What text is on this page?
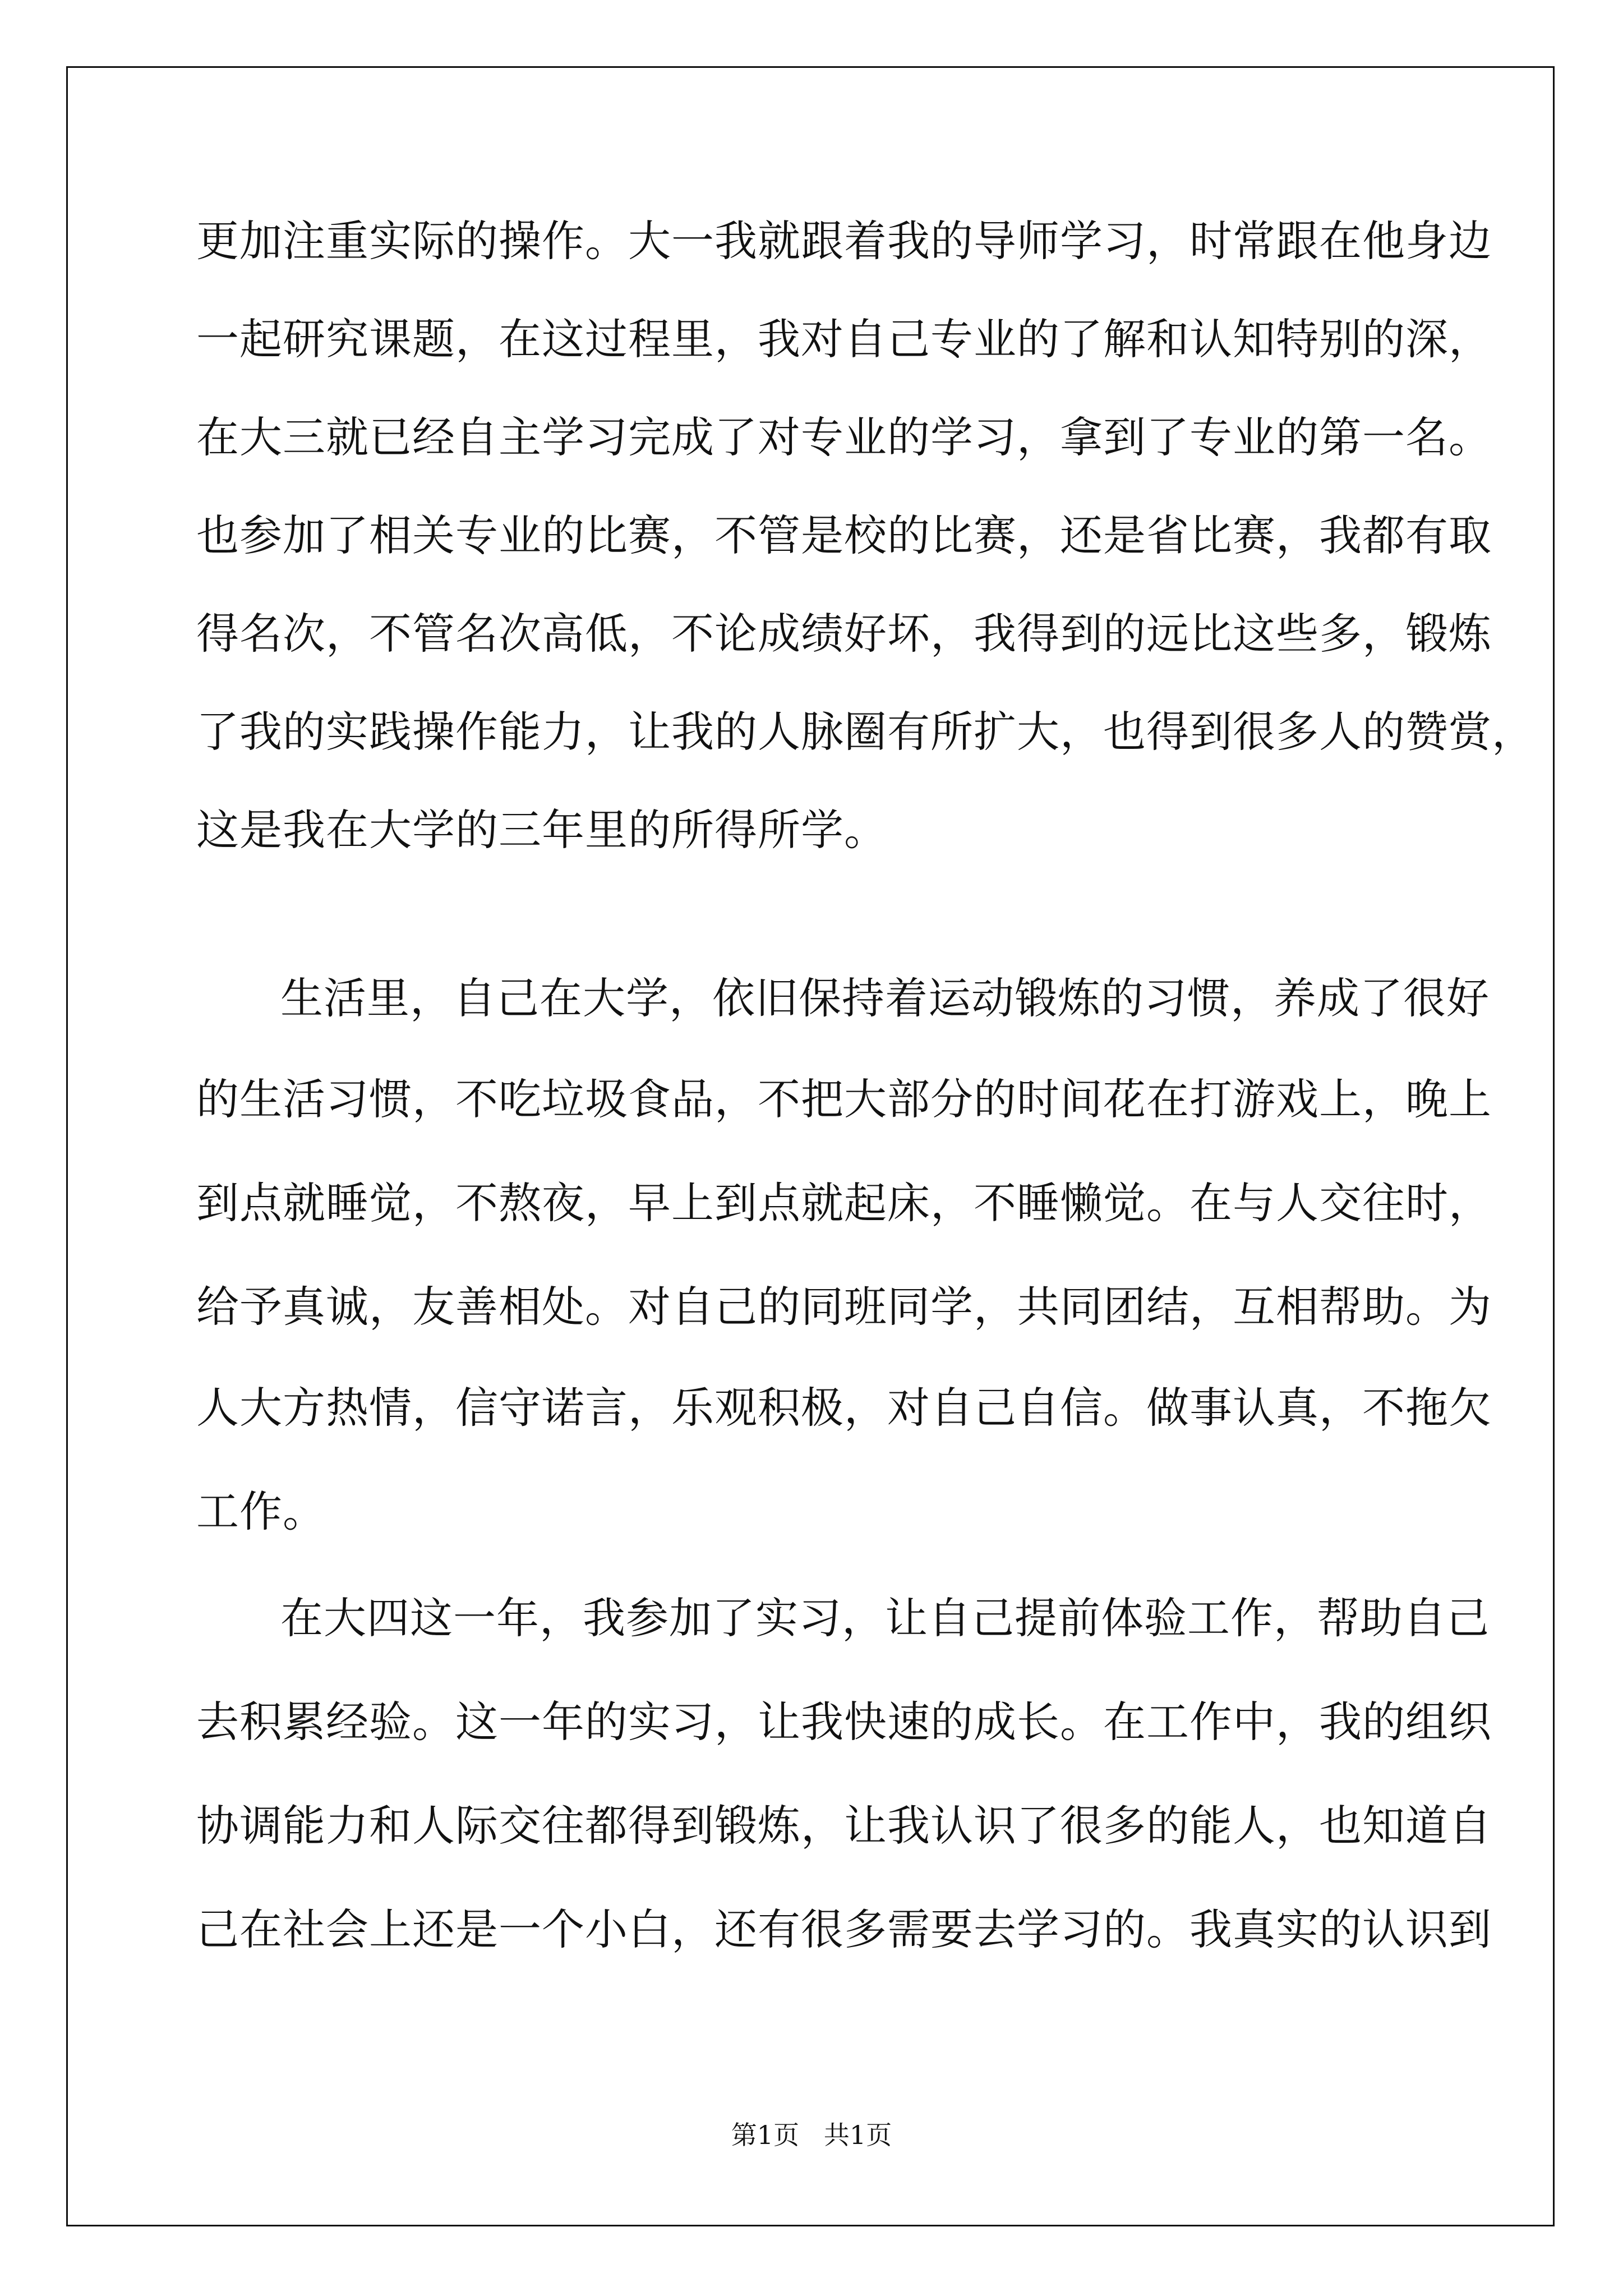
更加注重实际的操作。大一我就跟着我的导师学习，时常跟在他身边
一起研究课题，在这过程里，我对自己专业的了解和认知特别的深，
在大三就已经自主学习完成了对专业的学习，拿到了专业的第一名。
也参加了相关专业的比赛，不管是校的比赛，还是省比赛，我都有取
得名次，不管名次高低，不论成绩好坏，我得到的远比这些多，锻炼
了我的实践操作能力，让我的人脉圈有所扩大，也得到很多人的赞赏，
这是我在大学的三年里的所得所学。
生活里，自己在大学，依旧保持着运动锻炼的习惯，养成了很好
的生活习惯，不吃垃圾食品，不把大部分的时间花在打游戏上，晚上
到点就睡觉，不熬夜，早上到点就起床，不睡懒觉。在与人交往时，
给予真诚，友善相处。对自己的同班同学，共同团结，互相帮助。为
人大方热情，信守诺言，乐观积极，对自己自信。做事认真，不拖欠
工作。
在大四这一年，我参加了实习，让自己提前体验工作，帮助自己
去积累经验。这一年的实习，让我快速的成长。在工作中，我的组织
协调能力和人际交往都得到锻炼，让我认识了很多的能人，也知道自
己在社会上还是一个小白，还有很多需要去学习的。我真实的认识到
第1页   共1页
